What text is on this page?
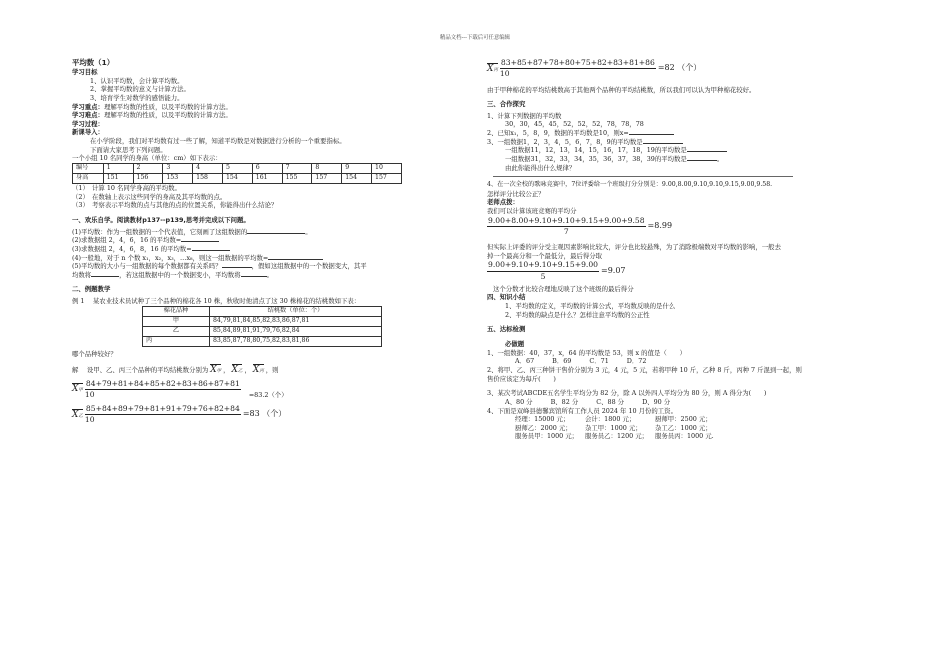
精品文档---下载后可任意编辑
平均数（1）
学习目标
1、认识平均数，会计算平均数。
2、掌握平均数的意义与计算方法。
3、培育学生对数学的感悟能力。
学习重点：理解平均数的性质，以及平均数的计算方法。
学习难点：理解平均数的性质，以及平均数的计算方法。
学习过程：
新课导入：
在小学阶段，我们对平均数有过一些了解，知道平均数是对数据进行分析的一个重要指标。
下面请大家思考下列问题。
一个小组 10 名同学的身高（单位：cm）如下表示：
编号	1	2	3	4	5	6	7	8	9	10
身高	151	156	153	158	154	161	155	157	154	157
（1）　计算 10 名同学身高的平均数。
（2）　在数轴上表示这些同学的身高及其平均数的点。
（3）　考察表示平均数的点与其他的点的位置关系，你能得出什么结论？
一、欢乐自学。阅读教材p137--p139,思考并完成以下问题。
(1)平均数：作为一组数据的一个代表值，它刻画了这组数据的	。
(2)求数据组 2，4，6，16 的平均数=
(3)求数据组 2，4，6，8，16 的平均数=
(4)一般地，对于 n 个数 x₁，x₂，x₃，…x₈，则这一组数据的平均数=
(5)平均数的大小与一组数据的每个数据都有关系吗？	，假如这组数据中的一个数据变大，其平
均数将	，若这组数据中的一个数据变小，平均数将	。
二、例题教学
例 1　 某农业技术员试种了三个品种的棉花各 10 株，秋收时他清点了这 30 株棉花的结桃数如下表：
棉花品种	结桃数（单位：个）
甲	84,79,81,84,85,82,83,86,87,81
乙	85,84,89,81,91,79,76,82,84
丙	83,85,87,78,80,75,82,83,81,86
哪个品种较好？
解　 设甲、乙、丙三个品种的平均结桃数分别为 X甲 ， X乙 ， X丙 ，则
X甲 $\frac{84+79+81+84+85+82+83+86+87+81}{10} =83.2$（个）
X乙 $\frac{85+84+89+79+81+91+79+76+82+84}{10} =83$ （个）
X丙 $\frac{83+85+87+78+80+75+82+83+81+86}{10} =82$ （个）
由于甲种棉花的平均结桃数高于其他两个品种的平均结桃数，所以我们可以认为甲种棉花较好。
三、合作探究
1、计算下列数据的平均数
30，30，45，45，52，52，52，78，78，78
2、已知x₁，5，8，9，数据的平均数是10，则x=
3、一组数据1，2，3，4，5，6，7，8，9的平均数是
一组数据11，12，13，14，15，16，17，18，19的平均数是
一组数据31，32，33，34，35，36，37，38，39的平均数是	。
由此你能得出什么规律？
4、在一次全校的歌咏竞赛中，7位评委给一个班级打分分别是：9.00,8.00,9.10,9.10,9.15,9.00,9.58.
怎样评分比较公正？
老师点拨：
我们可以计算该班竞赛的平均分
$\frac{9.00+8.00+9.10+9.10+9.15+9.00+9.58}{7} =8.99$
但实际上评委的评分受主观因素影响比较大，评分也比较悬殊，为了消除极端数对平均数的影响，一般去
掉一个最高分和一个最低分，最后得分取
$\frac{9.00+9.10+9.10+9.15+9.00}{5} =9.07$
这个分数才比较合理地反映了这个班级的最后得分
四、知识小结
1、平均数的定义，平均数的计算公式，平均数反映的是什么
2、平均数的缺点是什么？怎样注意平均数的公正性
五、达标检测
必做题
1、一组数据：40，37，x，64 的平均数是 53，则 x 的值是（　　）
A．67	B．69	C．71	D．72
2、将甲、乙、丙三种饼干售价分别为 3 元，4 元，5 元，若将甲种 10 斤，乙种 8 斤，丙种 7 斤混到一起，则
售价应该定为每斤(　　)
3、某次考试ABCDE五名学生平均分为 82 分，除 A 以外四人平均分为 80 分，则 A 得分为(　　)
A、80 分	B、82 分	C、88 分	D、90 分
4、下面是双峰县德馨宾馆所有工作人员 2024 年 10 月份的工资。
经理：15000 元；	会计：1800 元；	厨师甲：2500 元；
厨师乙：2000 元；	杂工甲：1000 元；	杂工乙：1000 元；
服务员甲：1000 元；	服务员乙：1200 元；	服务员丙：1000 元.
